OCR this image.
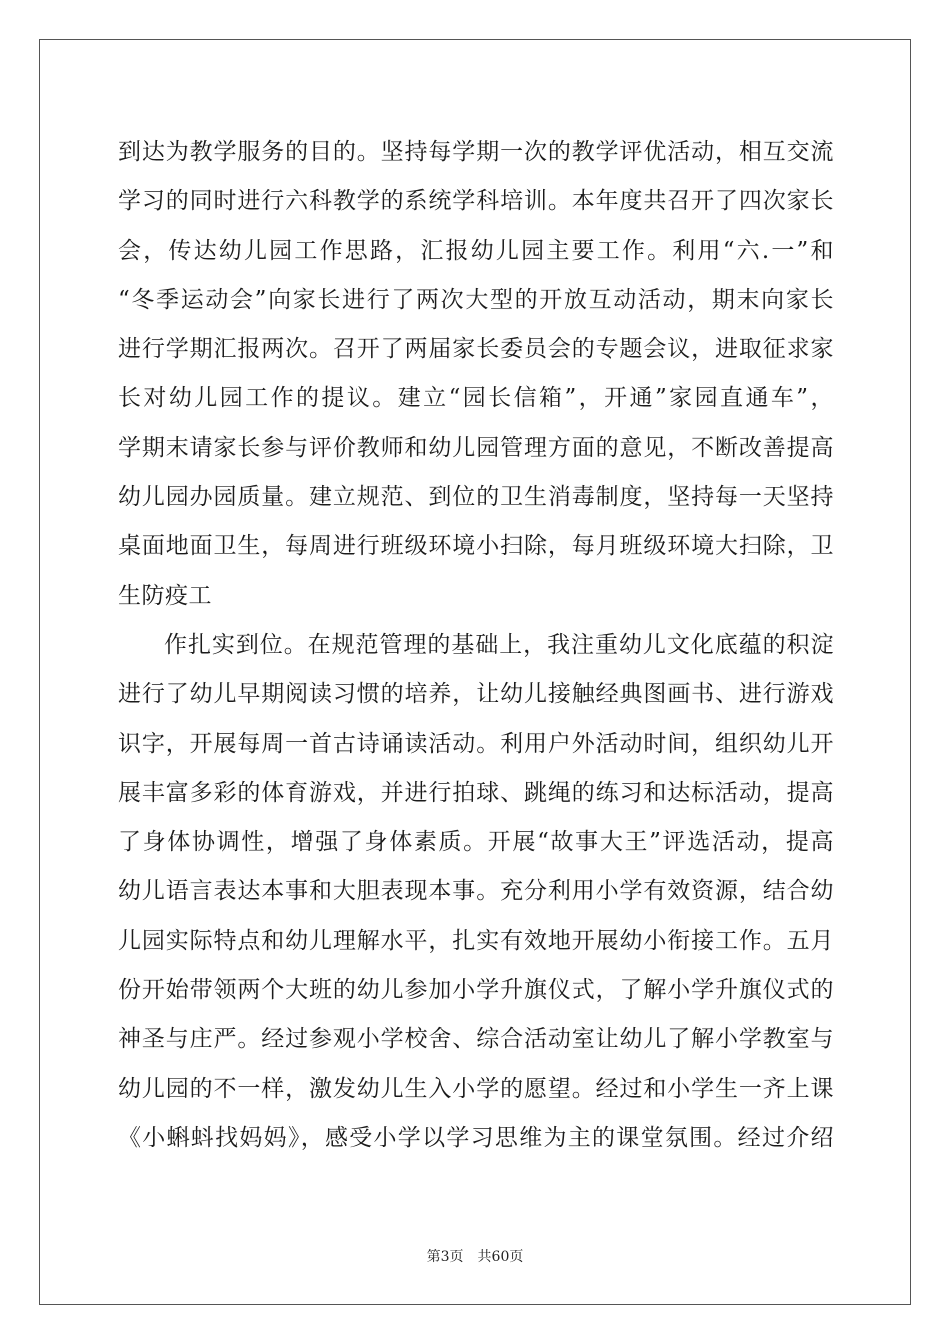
到达为教学服务的目的。坚持每学期一次的教学评优活动，相互交流
学习的同时进行六科教学的系统学科培训。本年度共召开了四次家长
会，传达幼儿园工作思路，汇报幼儿园主要工作。利用“六.一”和
“冬季运动会”向家长进行了两次大型的开放互动活动，期末向家长
进行学期汇报两次。召开了两届家长委员会的专题会议，进取征求家
长对幼儿园工作的提议。建立“园长信箱”，开通”家园直通车”，
学期末请家长参与评价教师和幼儿园管理方面的意见，不断改善提高
幼儿园办园质量。建立规范、到位的卫生消毒制度，坚持每一天坚持
桌面地面卫生，每周进行班级环境小扫除，每月班级环境大扫除，卫
生防疫工
作扎实到位。在规范管理的基础上，我注重幼儿文化底蕴的积淀
进行了幼儿早期阅读习惯的培养，让幼儿接触经典图画书、进行游戏
识字，开展每周一首古诗诵读活动。利用户外活动时间，组织幼儿开
展丰富多彩的体育游戏，并进行拍球、跳绳的练习和达标活动，提高
了身体协调性，增强了身体素质。开展“故事大王”评选活动，提高
幼儿语言表达本事和大胆表现本事。充分利用小学有效资源，结合幼
儿园实际特点和幼儿理解水平，扎实有效地开展幼小衔接工作。五月
份开始带领两个大班的幼儿参加小学升旗仪式，了解小学升旗仪式的
神圣与庄严。经过参观小学校舍、综合活动室让幼儿了解小学教室与
幼儿园的不一样，激发幼儿生入小学的愿望。经过和小学生一齐上课
《小蝌蚪找妈妈》，感受小学以学习思维为主的课堂氛围。经过介绍
第3页 共60页
